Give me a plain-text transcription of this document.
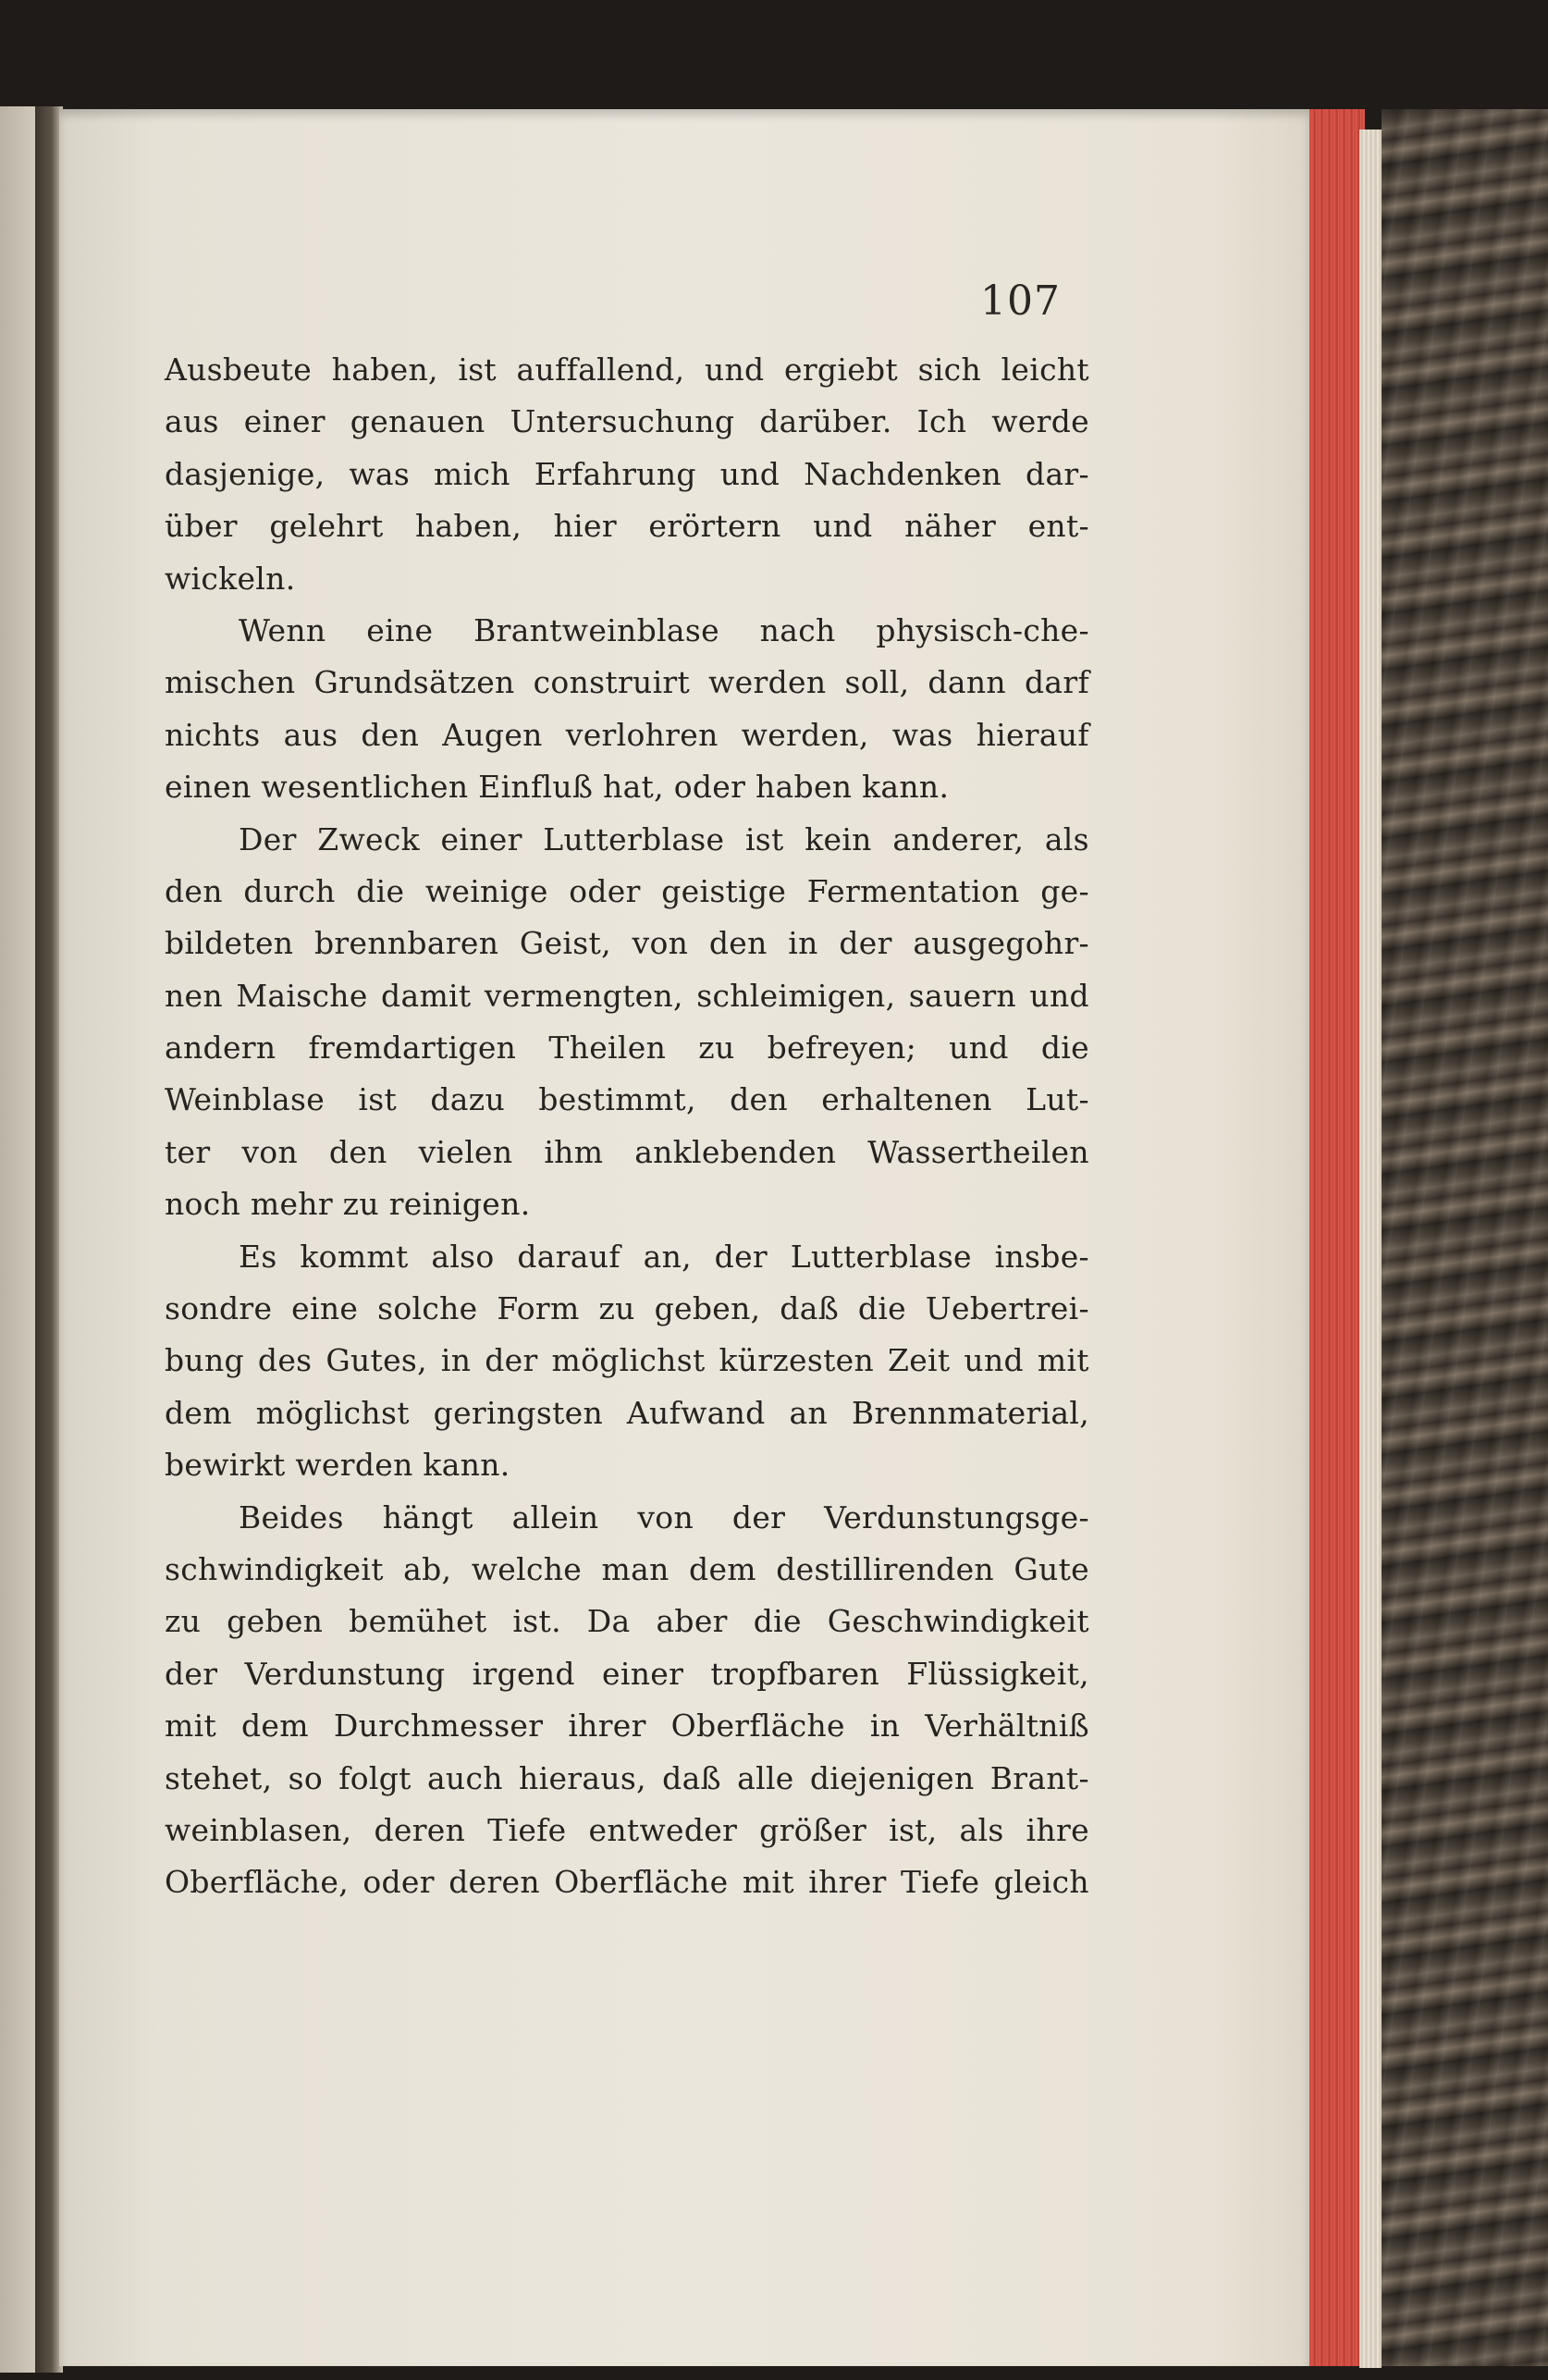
107
Ausbeute haben, ist auffallend, und ergiebt sich leicht
aus einer genauen Untersuchung darüber. Ich werde
dasjenige, was mich Erfahrung und Nachdenken dar-
über gelehrt haben, hier erörtern und näher ent-
wickeln.
Wenn eine Brantweinblase nach physisch-che-
mischen Grundsätzen construirt werden soll, dann darf
nichts aus den Augen verlohren werden, was hierauf
einen wesentlichen Einfluß hat, oder haben kann.
Der Zweck einer Lutterblase ist kein anderer, als
den durch die weinige oder geistige Fermentation ge-
bildeten brennbaren Geist, von den in der ausgegohr-
nen Maische damit vermengten, schleimigen, sauern und
andern fremdartigen Theilen zu befreyen; und die
Weinblase ist dazu bestimmt, den erhaltenen Lut-
ter von den vielen ihm anklebenden Wassertheilen
noch mehr zu reinigen.
Es kommt also darauf an, der Lutterblase insbe-
sondre eine solche Form zu geben, daß die Uebertrei-
bung des Gutes, in der möglichst kürzesten Zeit und mit
dem möglichst geringsten Aufwand an Brennmaterial,
bewirkt werden kann.
Beides hängt allein von der Verdunstungsge-
schwindigkeit ab, welche man dem destillirenden Gute
zu geben bemühet ist. Da aber die Geschwindigkeit
der Verdunstung irgend einer tropfbaren Flüssigkeit,
mit dem Durchmesser ihrer Oberfläche in Verhältniß
stehet, so folgt auch hieraus, daß alle diejenigen Brant-
weinblasen, deren Tiefe entweder größer ist, als ihre
Oberfläche, oder deren Oberfläche mit ihrer Tiefe gleich
